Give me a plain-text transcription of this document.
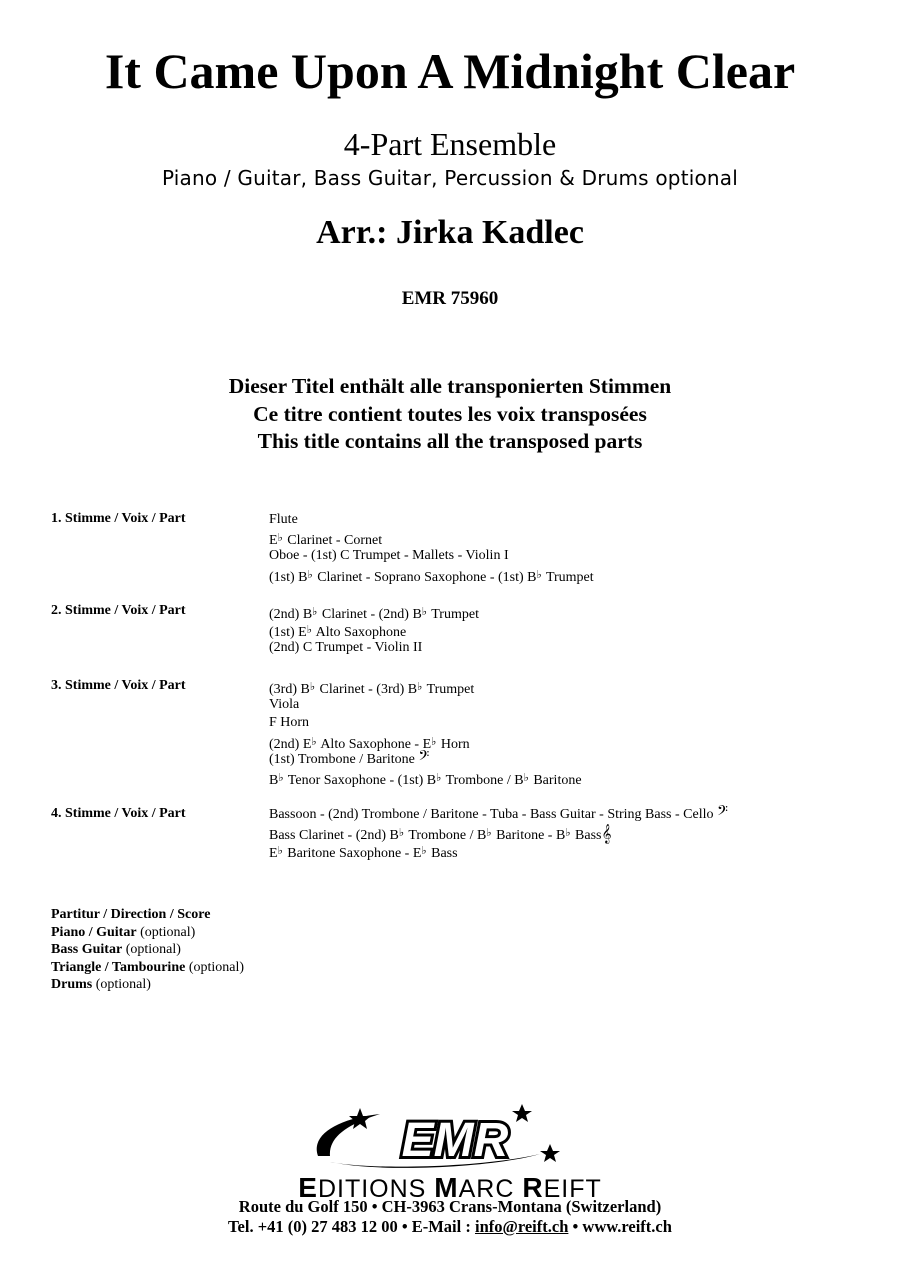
It Came Upon A Midnight Clear
4-Part Ensemble
Piano / Guitar, Bass Guitar, Percussion & Drums optional
Arr.: Jirka Kadlec
EMR 75960
Dieser Titel enthält alle transponierten Stimmen
Ce titre contient toutes les voix transposées
This title contains all the transposed parts
1. Stimme / Voix / Part	Flute
E♭ Clarinet - Cornet
Oboe - (1st) C Trumpet - Mallets - Violin I
(1st) B♭ Clarinet - Soprano Saxophone - (1st) B♭ Trumpet
2. Stimme / Voix / Part	(2nd) B♭ Clarinet - (2nd) B♭ Trumpet
(1st) E♭ Alto Saxophone
(2nd) C Trumpet - Violin II
3. Stimme / Voix / Part	(3rd) B♭ Clarinet - (3rd) B♭ Trumpet
Viola
F Horn
(2nd) E♭ Alto Saxophone - E♭ Horn
(1st) Trombone / Baritone 𝄢
B♭ Tenor Saxophone - (1st) B♭ Trombone / B♭ Baritone
4. Stimme / Voix / Part	Bassoon - (2nd) Trombone / Baritone - Tuba - Bass Guitar - String Bass - Cello 𝄢
Bass Clarinet - (2nd) B♭ Trombone / B♭ Baritone - B♭ Bass𝄞
E♭ Baritone Saxophone - E♭ Bass
Partitur / Direction / Score
Piano / Guitar (optional)
Bass Guitar (optional)
Triangle / Tambourine (optional)
Drums (optional)
EMR
EDITIONS MARC REIFT
Route du Golf 150 • CH-3963 Crans-Montana (Switzerland)
Tel. +41 (0) 27 483 12 00 • E-Mail : info@reift.ch • www.reift.ch
